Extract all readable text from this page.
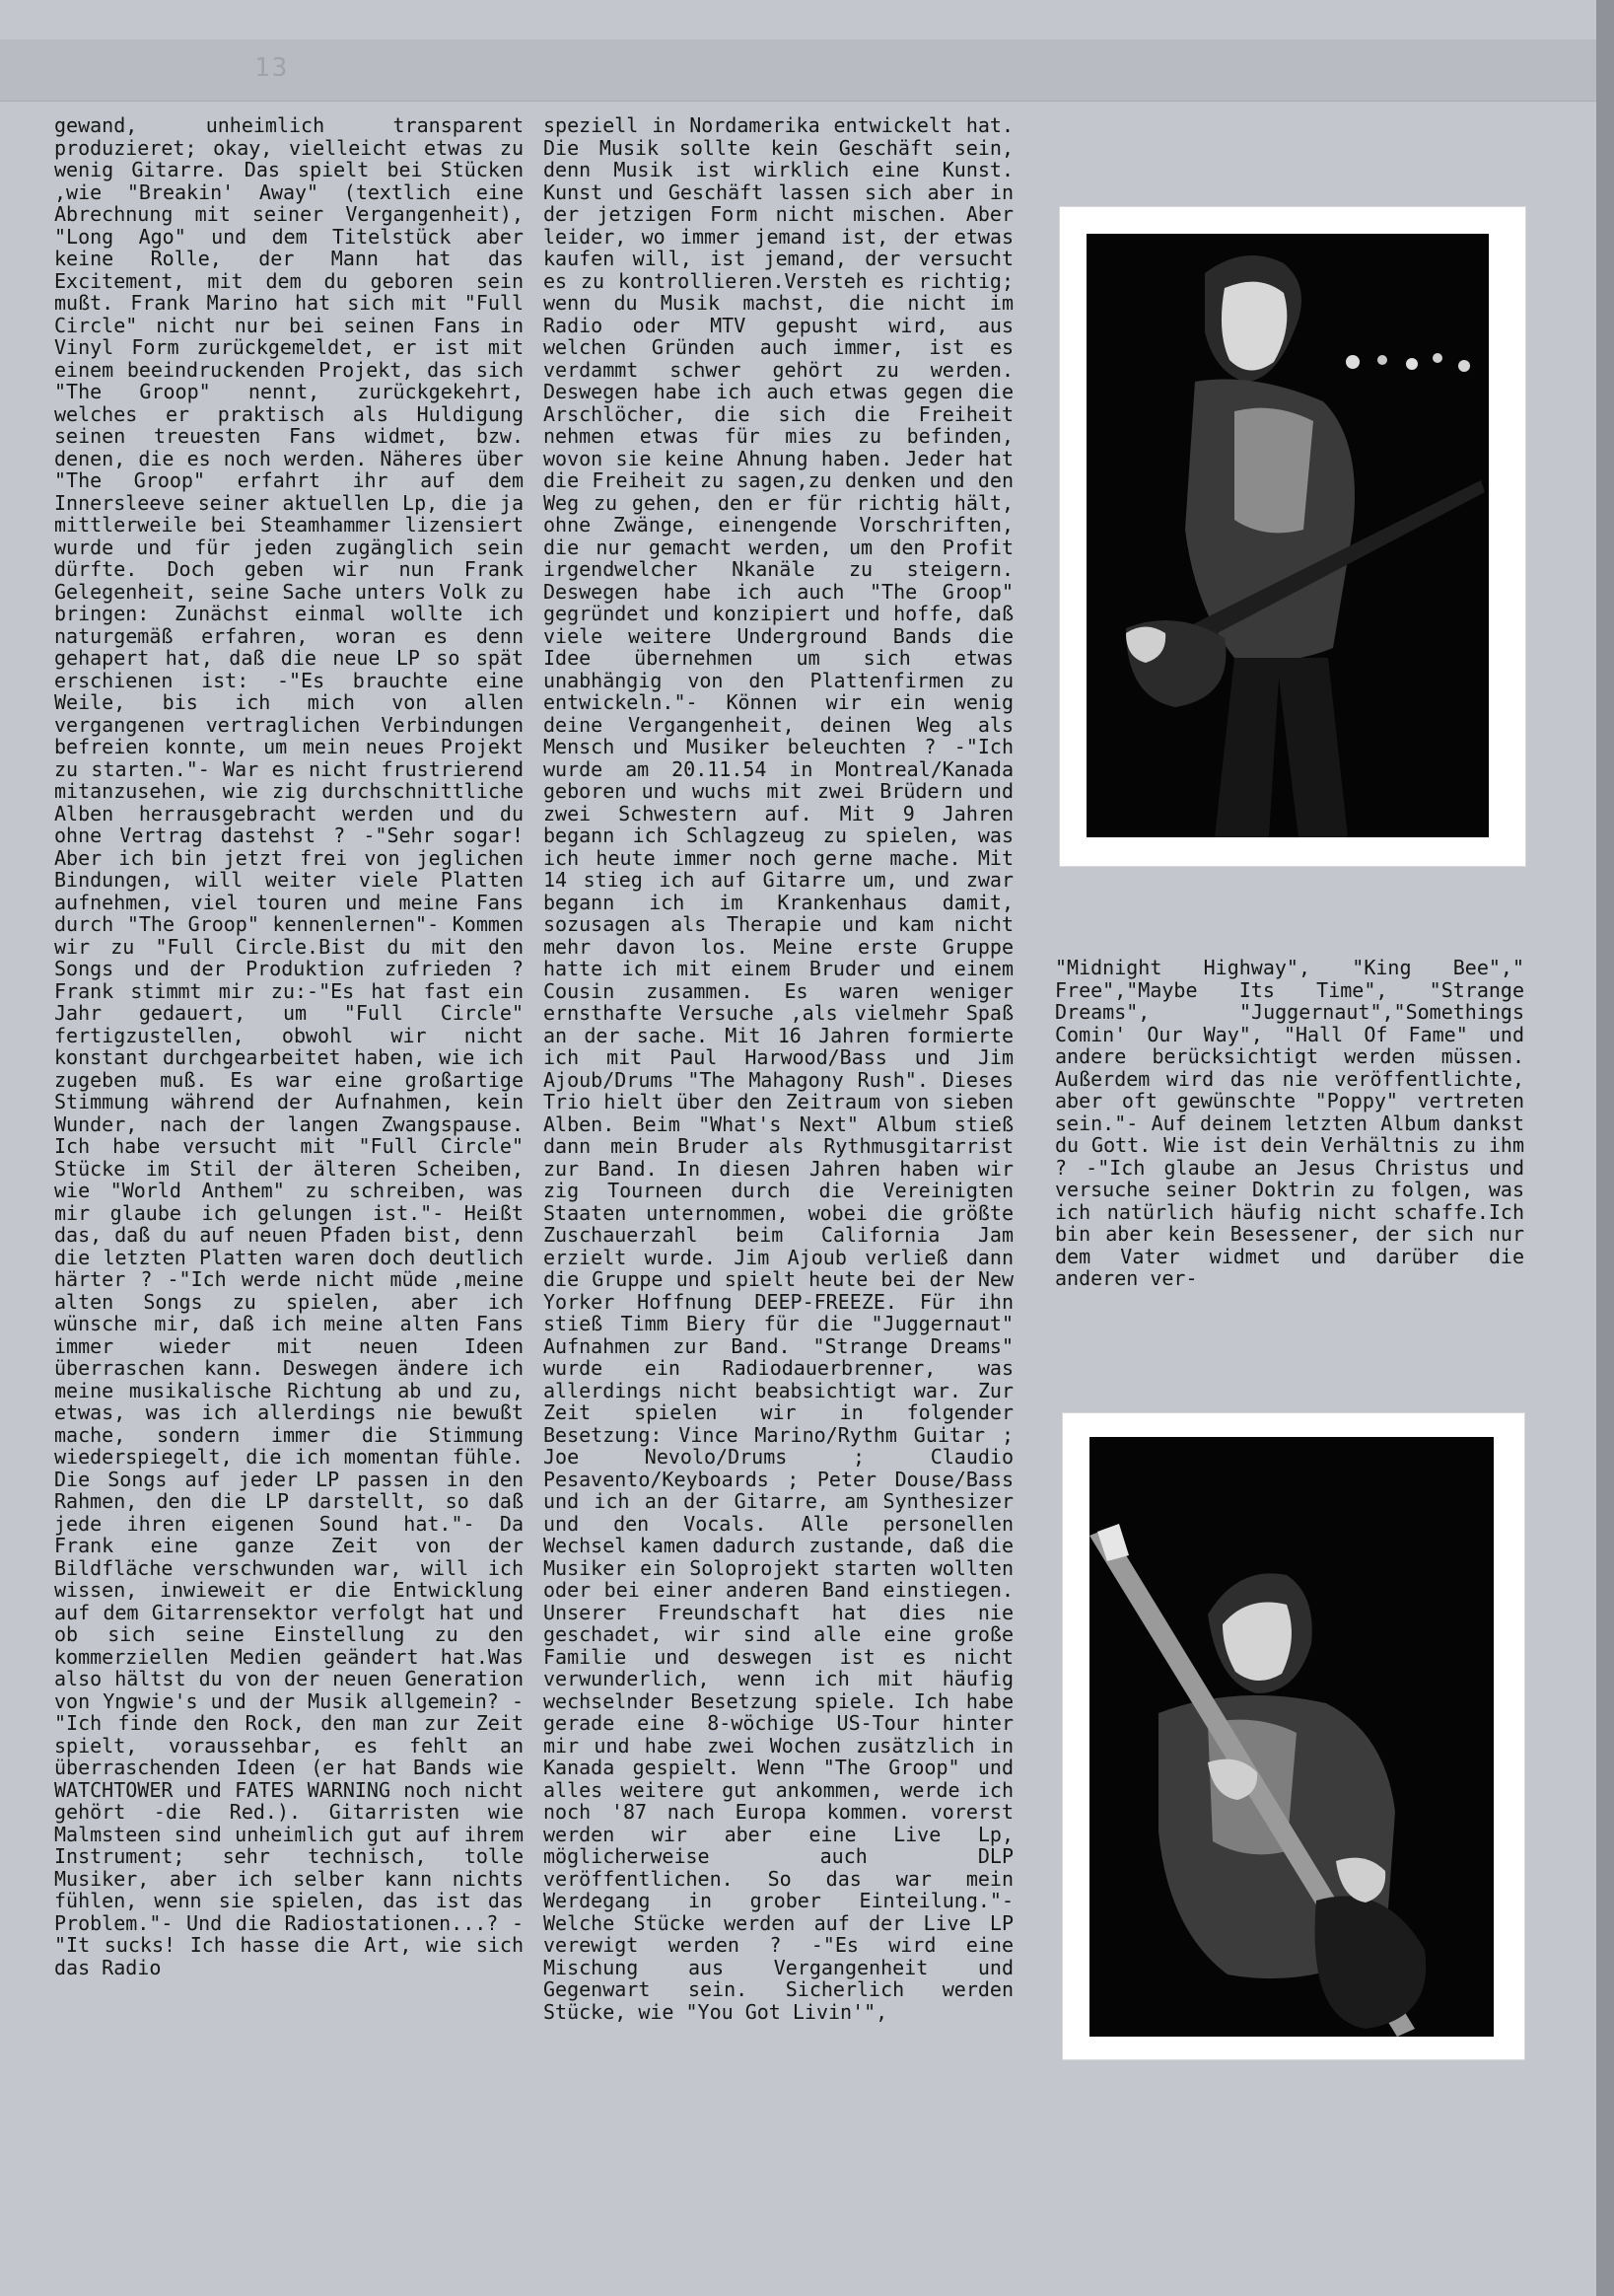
13
gewand, unheimlich transparent produzieret; okay, vielleicht etwas zu wenig Gitarre. Das spielt bei Stücken ,wie "Breakin' Away" (textlich eine Abrechnung mit seiner Vergangenheit), "Long Ago" und dem Titelstück aber keine Rolle, der Mann hat das Excitement, mit dem du geboren sein mußt. Frank Marino hat sich mit "Full Circle" nicht nur bei seinen Fans in Vinyl Form zurückgemeldet, er ist mit einem beeindruckenden Projekt, das sich "The Groop" nennt, zurückgekehrt, welches er praktisch als Huldigung seinen treuesten Fans widmet, bzw. denen, die es noch werden. Näheres über "The Groop" erfahrt ihr auf dem Innersleeve seiner aktuellen Lp, die ja mittlerweile bei Steamhammer lizensiert wurde und für jeden zugänglich sein dürfte. Doch geben wir nun Frank Gelegenheit, seine Sache unters Volk zu bringen: Zunächst einmal wollte ich naturgemäß erfahren, woran es denn gehapert hat, daß die neue LP so spät erschienen ist: -"Es brauchte eine Weile, bis ich mich von allen vergangenen vertraglichen Verbindungen befreien konnte, um mein neues Projekt zu starten."- War es nicht frustrierend mitanzusehen, wie zig durchschnittliche Alben herrausgebracht werden und du ohne Vertrag dastehst ? -"Sehr sogar! Aber ich bin jetzt frei von jeglichen Bindungen, will weiter viele Platten aufnehmen, viel touren und meine Fans durch "The Groop" kennenlernen"- Kommen wir zu "Full Circle.Bist du mit den Songs und der Produktion zufrieden ? Frank stimmt mir zu:-"Es hat fast ein Jahr gedauert, um "Full Circle" fertigzustellen, obwohl wir nicht konstant durchgearbeitet haben, wie ich zugeben muß. Es war eine großartige Stimmung während der Aufnahmen, kein Wunder, nach der langen Zwangspause. Ich habe versucht mit "Full Circle" Stücke im Stil der älteren Scheiben, wie "World Anthem" zu schreiben, was mir glaube ich gelungen ist."- Heißt das, daß du auf neuen Pfaden bist, denn die letzten Platten waren doch deutlich härter ? -"Ich werde nicht müde ,meine alten Songs zu spielen, aber ich wünsche mir, daß ich meine alten Fans immer wieder mit neuen Ideen überraschen kann. Deswegen ändere ich meine musikalische Richtung ab und zu, etwas, was ich allerdings nie bewußt mache, sondern immer die Stimmung wiederspiegelt, die ich momentan fühle. Die Songs auf jeder LP passen in den Rahmen, den die LP darstellt, so daß jede ihren eigenen Sound hat."- Da Frank eine ganze Zeit von der Bildfläche verschwunden war, will ich wissen, inwieweit er die Entwicklung auf dem Gitarrensektor verfolgt hat und ob sich seine Einstellung zu den kommerziellen Medien geändert hat.Was also hältst du von der neuen Generation von Yngwie's und der Musik allgemein? -"Ich finde den Rock, den man zur Zeit spielt, voraussehbar, es fehlt an überraschenden Ideen (er hat Bands wie WATCHTOWER und FATES WARNING noch nicht gehört -die Red.). Gitarristen wie Malmsteen sind unheimlich gut auf ihrem Instrument; sehr technisch, tolle Musiker, aber ich selber kann nichts fühlen, wenn sie spielen, das ist das Problem."- Und die Radiostationen...? -"It sucks! Ich hasse die Art, wie sich das Radio
speziell in Nordamerika entwickelt hat. Die Musik sollte kein Geschäft sein, denn Musik ist wirklich eine Kunst. Kunst und Geschäft lassen sich aber in der jetzigen Form nicht mischen. Aber leider, wo immer jemand ist, der etwas kaufen will, ist jemand, der versucht es zu kontrollieren.Versteh es richtig; wenn du Musik machst, die nicht im Radio oder MTV gepusht wird, aus welchen Gründen auch immer, ist es verdammt schwer gehört zu werden. Deswegen habe ich auch etwas gegen die Arschlöcher, die sich die Freiheit nehmen etwas für mies zu befinden, wovon sie keine Ahnung haben. Jeder hat die Freiheit zu sagen,zu denken und den Weg zu gehen, den er für richtig hält, ohne Zwänge, einengende Vorschriften, die nur gemacht werden, um den Profit irgendwelcher Nkanäle zu steigern. Deswegen habe ich auch "The Groop" gegründet und konzipiert und hoffe, daß viele weitere Underground Bands die Idee übernehmen um sich etwas unabhängig von den Plattenfirmen zu entwickeln."- Können wir ein wenig deine Vergangenheit, deinen Weg als Mensch und Musiker beleuchten ? -"Ich wurde am 20.11.54 in Montreal/Kanada geboren und wuchs mit zwei Brüdern und zwei Schwestern auf. Mit 9 Jahren begann ich Schlagzeug zu spielen, was ich heute immer noch gerne mache. Mit 14 stieg ich auf Gitarre um, und zwar begann ich im Krankenhaus damit, sozusagen als Therapie und kam nicht mehr davon los. Meine erste Gruppe hatte ich mit einem Bruder und einem Cousin zusammen. Es waren weniger ernsthafte Versuche ,als vielmehr Spaß an der sache. Mit 16 Jahren formierte ich mit Paul Harwood/Bass und Jim Ajoub/Drums "The Mahagony Rush". Dieses Trio hielt über den Zeitraum von sieben Alben. Beim "What's Next" Album stieß dann mein Bruder als Rythmusgitarrist zur Band. In diesen Jahren haben wir zig Tourneen durch die Vereinigten Staaten unternommen, wobei die größte Zuschauerzahl beim California Jam erzielt wurde. Jim Ajoub verließ dann die Gruppe und spielt heute bei der New Yorker Hoffnung DEEP-FREEZE. Für ihn stieß Timm Biery für die "Juggernaut" Aufnahmen zur Band. "Strange Dreams" wurde ein Radiodauerbrenner, was allerdings nicht beabsichtigt war. Zur Zeit spielen wir in folgender Besetzung: Vince Marino/Rythm Guitar ; Joe Nevolo/Drums ; Claudio Pesavento/Keyboards ; Peter Douse/Bass und ich an der Gitarre, am Synthesizer und den Vocals. Alle personellen Wechsel kamen dadurch zustande, daß die Musiker ein Soloprojekt starten wollten oder bei einer anderen Band einstiegen. Unserer Freundschaft hat dies nie geschadet, wir sind alle eine große Familie und deswegen ist es nicht verwunderlich, wenn ich mit häufig wechselnder Besetzung spiele. Ich habe gerade eine 8-wöchige US-Tour hinter mir und habe zwei Wochen zusätzlich in Kanada gespielt. Wenn "The Groop" und alles weitere gut ankommen, werde ich noch '87 nach Europa kommen. vorerst werden wir aber eine Live Lp, möglicherweise auch DLP veröffentlichen. So das war mein Werdegang in grober Einteilung."- Welche Stücke werden auf der Live LP verewigt werden ? -"Es wird eine Mischung aus Vergangenheit und Gegenwart sein. Sicherlich werden Stücke, wie "You Got Livin'",
"Midnight Highway", "King Bee"," Free","Maybe Its Time", "Strange Dreams", "Juggernaut","Somethings Comin' Our Way", "Hall Of Fame" und andere berücksichtigt werden müssen. Außerdem wird das nie veröffentlichte, aber oft gewünschte "Poppy" vertreten sein."- Auf deinem letzten Album dankst du Gott. Wie ist dein Verhältnis zu ihm ? -"Ich glaube an Jesus Christus und versuche seiner Doktrin zu folgen, was ich natürlich häufig nicht schaffe.Ich bin aber kein Besessener, der sich nur dem Vater widmet und darüber die anderen ver-
